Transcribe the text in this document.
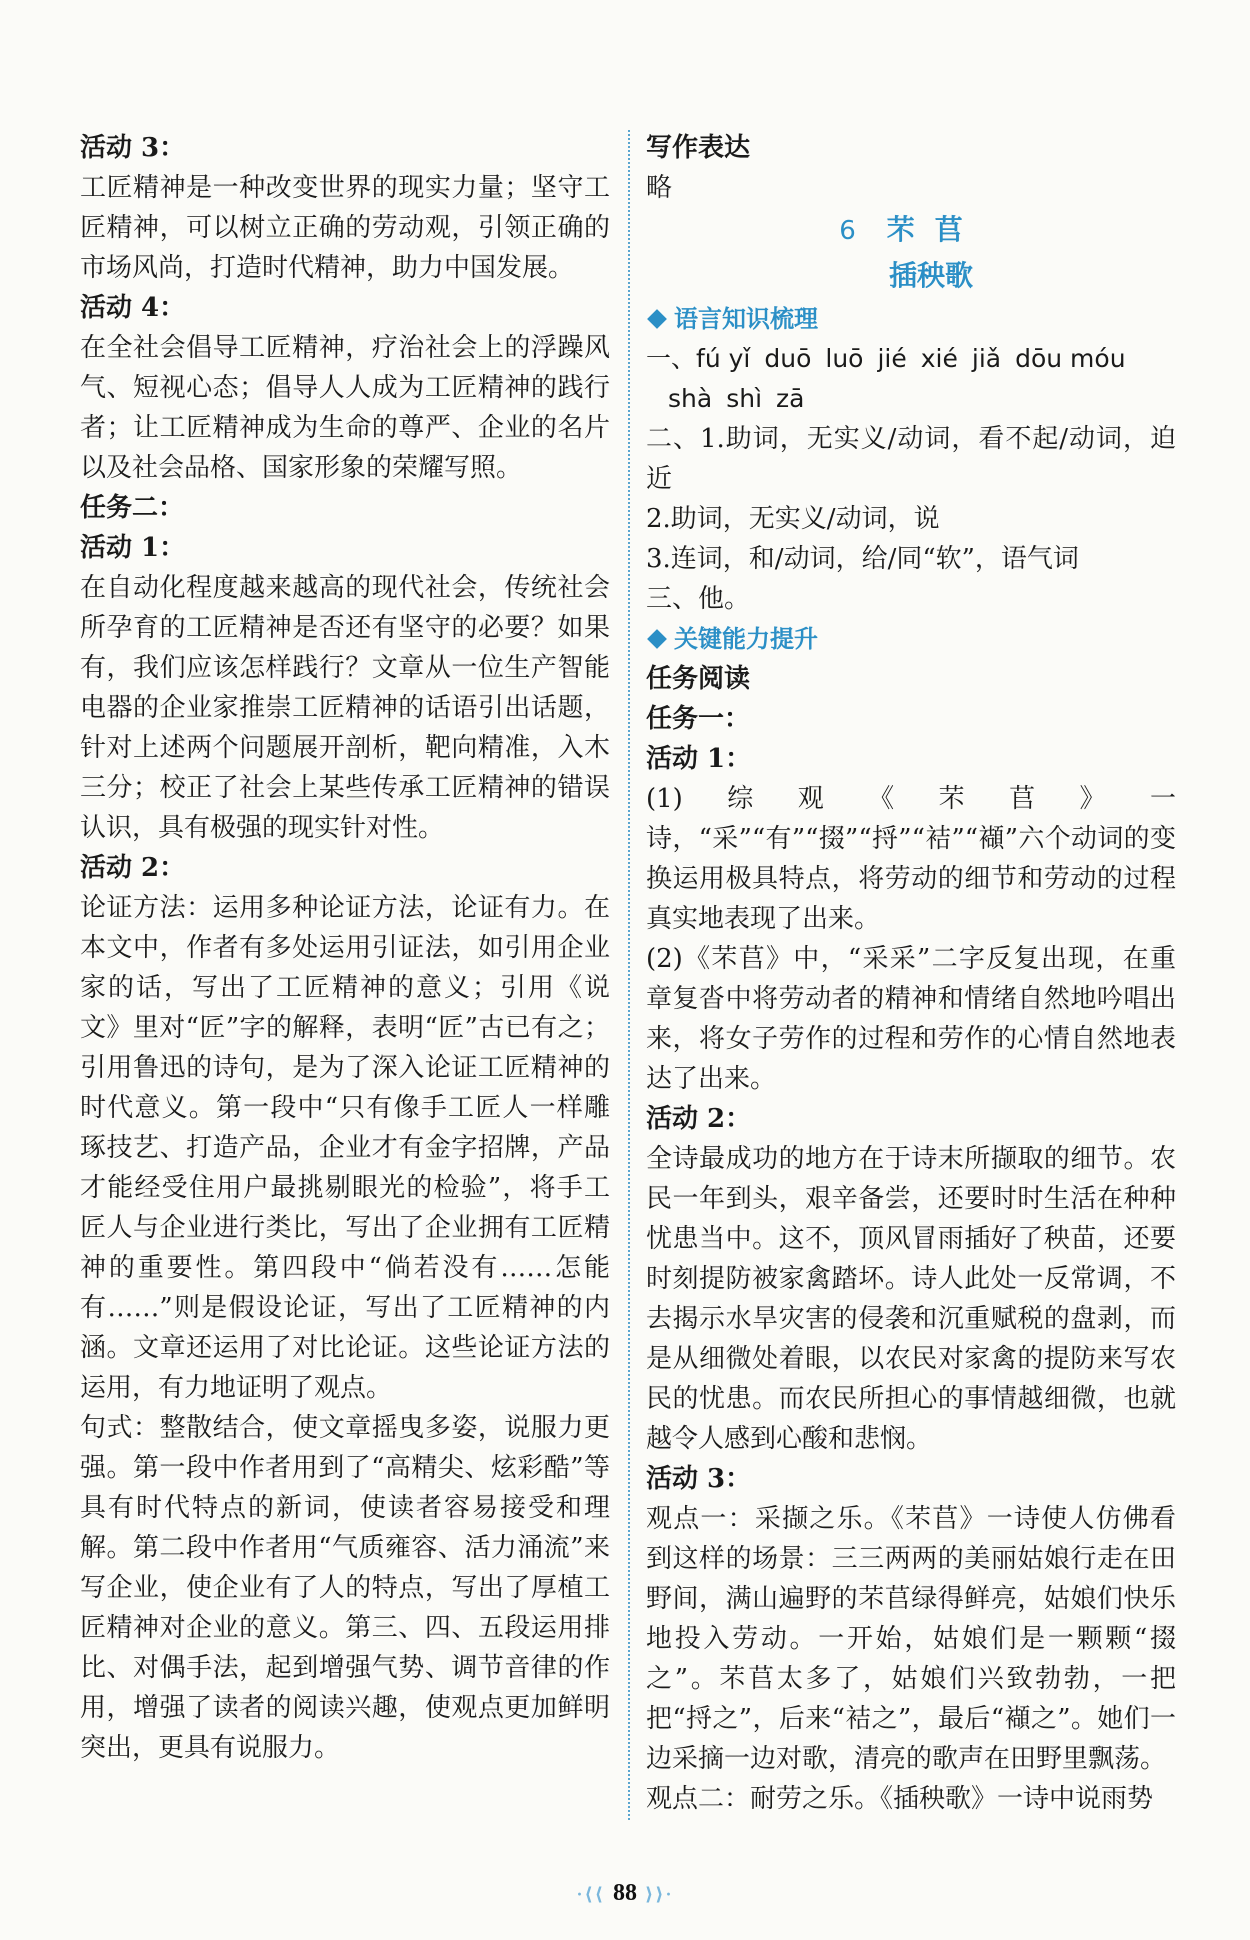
活动 3：

工匠精神是一种改变世界的现实力量；坚守工匠精神，可以树立正确的劳动观，引领正确的市场风尚，打造时代精神，助力中国发展。

活动 4：

在全社会倡导工匠精神，疗治社会上的浮躁风气、短视心态；倡导人人成为工匠精神的践行者；让工匠精神成为生命的尊严、企业的名片以及社会品格、国家形象的荣耀写照。

任务二：

活动 1：

在自动化程度越来越高的现代社会，传统社会所孕育的工匠精神是否还有坚守的必要？如果有，我们应该怎样践行？文章从一位生产智能电器的企业家推崇工匠精神的话语引出话题，针对上述两个问题展开剖析，靶向精准，入木三分；校正了社会上某些传承工匠精神的错误认识，具有极强的现实针对性。

活动 2：

论证方法：运用多种论证方法，论证有力。在本文中，作者有多处运用引证法，如引用企业家的话，写出了工匠精神的意义；引用《说文》里对“匠”字的解释，表明“匠”古已有之；引用鲁迅的诗句，是为了深入论证工匠精神的时代意义。第一段中“只有像手工匠人一样雕琢技艺、打造产品，企业才有金字招牌，产品才能经受住用户最挑剔眼光的检验”，将手工匠人与企业进行类比，写出了企业拥有工匠精神的重要性。第四段中“倘若没有……怎能有……”则是假设论证，写出了工匠精神的内涵。文章还运用了对比论证。这些论证方法的运用，有力地证明了观点。

句式：整散结合，使文章摇曳多姿，说服力更强。第一段中作者用到了“高精尖、炫彩酷”等具有时代特点的新词，使读者容易接受和理解。第二段中作者用“气质雍容、活力涌流”来写企业，使企业有了人的特点，写出了厚植工匠精神对企业的意义。第三、四、五段运用排比、对偶手法，起到增强气势、调节音律的作用，增强了读者的阅读兴趣，使观点更加鲜明突出，更具有说服力。

写作表达

略

6 芣苢
插秧歌

语言知识梳理

一、fú yǐ duō luō jié xié jiǎ dōu móu

shà shì zā

二、1.助词，无实义/动词，看不起/动词，迫近

2.助词，无实义/动词，说

3.连词，和/动词，给/同“软”，语气词

三、他。

关键能力提升

任务阅读

任务一：

活动 1：

(1)综观《芣苢》一诗，“采”“有”“掇”“捋”“袺”“襭”六个动词的变换运用极具特点，将劳动的细节和劳动的过程真实地表现了出来。

(2)《芣苢》中，“采采”二字反复出现，在重章复沓中将劳动者的精神和情绪自然地吟唱出来，将女子劳作的过程和劳作的心情自然地表达了出来。

活动 2：

全诗最成功的地方在于诗末所撷取的细节。农民一年到头，艰辛备尝，还要时时生活在种种忧患当中。这不，顶风冒雨插好了秧苗，还要时刻提防被家禽踏坏。诗人此处一反常调，不去揭示水旱灾害的侵袭和沉重赋税的盘剥，而是从细微处着眼，以农民对家禽的提防来写农民的忧患。而农民所担心的事情越细微，也就越令人感到心酸和悲悯。

活动 3：

观点一：采撷之乐。《芣苢》一诗使人仿佛看到这样的场景：三三两两的美丽姑娘行走在田野间，满山遍野的芣苢绿得鲜亮，姑娘们快乐地投入劳动。一开始，姑娘们是一颗颗“掇之”。芣苢太多了，姑娘们兴致勃勃，一把把“捋之”，后来“袺之”，最后“襭之”。她们一边采摘一边对歌，清亮的歌声在田野里飘荡。

观点二：耐劳之乐。《插秧歌》一诗中说雨势

·⟨⟨ 88 ⟩⟩·
